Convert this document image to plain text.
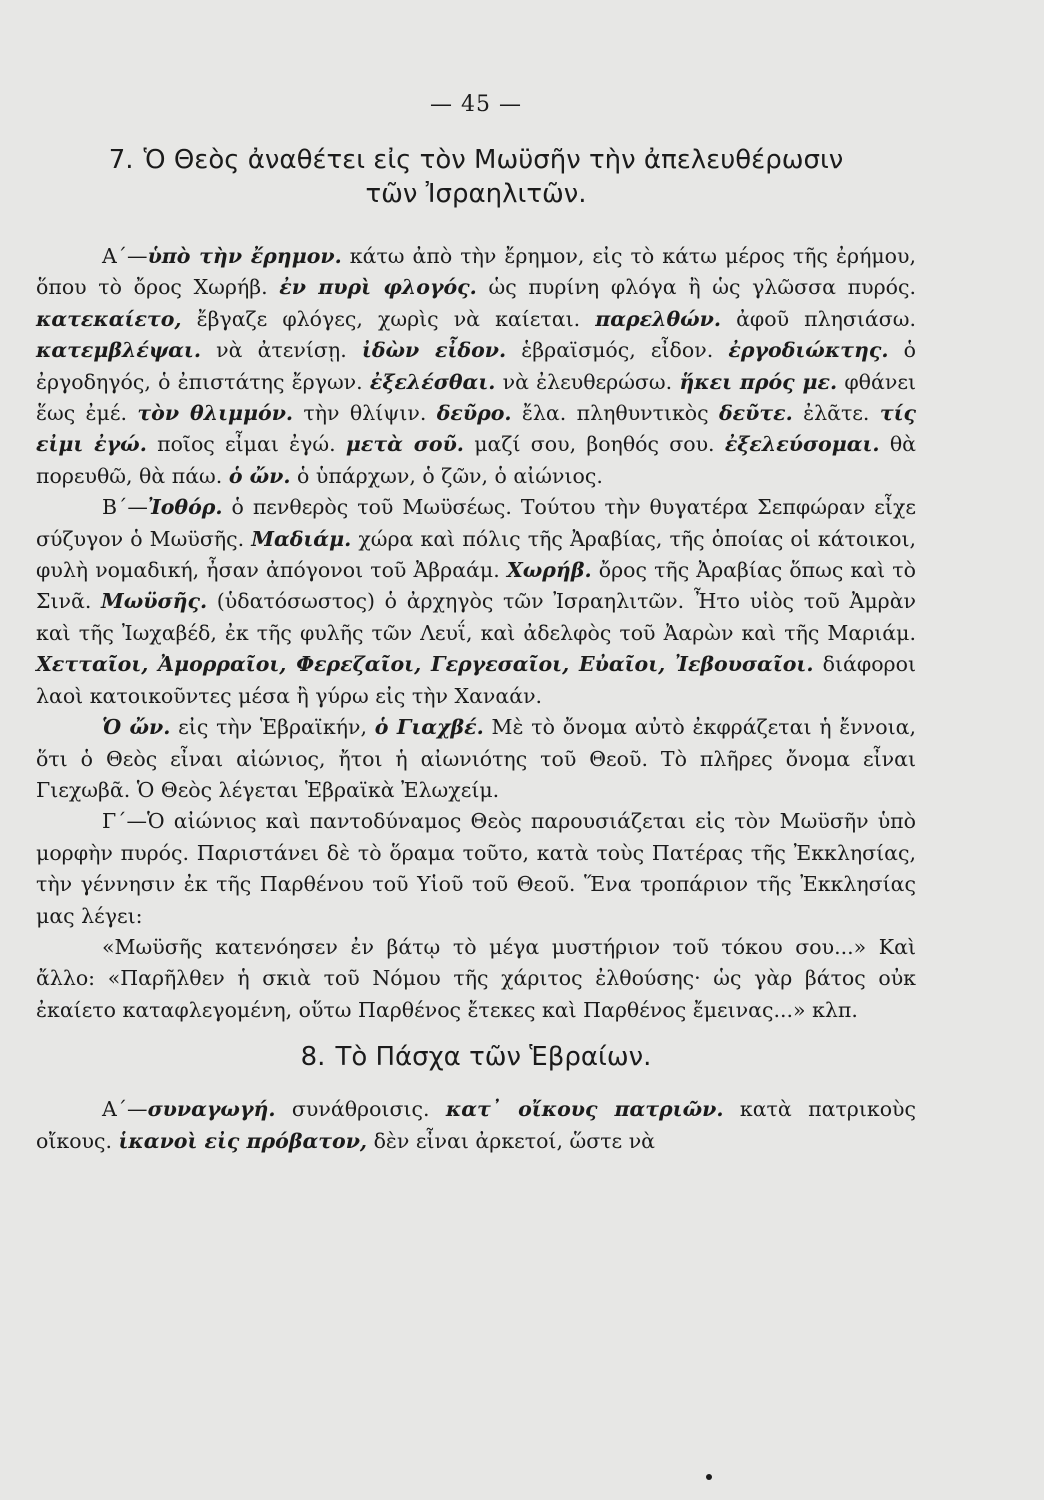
— 45 —
7. Ὁ Θεὸς ἀναθέτει εἰς τὸν Μωϋσῆν τὴν ἀπελευθέρωσιν
τῶν Ἰσραηλιτῶν.

Α΄—ὑπὸ τὴν ἔρημον. κάτω ἀπὸ τὴν ἔρημον, εἰς τὸ κάτω μέρος τῆς ἐρήμου, ὅπου τὸ ὄρος Χωρήβ. ἐν πυρὶ φλογός. ὡς πυρίνη φλόγα ἢ ὡς γλῶσσα πυρός. κατεκαίετο, ἔβγαζε φλόγες, χωρὶς νὰ καίεται. παρελθών. ἀφοῦ πλησιάσω. κατεμβλέψαι. νὰ ἀτενίσῃ. ἰδὼν εἶδον. ἑβραϊσμός, εἶδον. ἐργοδιώκτης. ὁ ἐργοδηγός, ὁ ἐπιστάτης ἔργων. ἐξελέσθαι. νὰ ἐλευθερώσω. ἥκει πρός με. φθάνει ἕως ἐμέ. τὸν θλιμμόν. τὴν θλίψιν. δεῦρο. ἔλα. πληθυντικὸς δεῦτε. ἐλᾶτε. τίς εἰμι ἐγώ. ποῖος εἶμαι ἐγώ. μετὰ σοῦ. μαζί σου, βοηθός σου. ἐξελεύσομαι. θὰ πορευθῶ, θὰ πάω. ὁ ὤν. ὁ ὑπάρχων, ὁ ζῶν, ὁ αἰώνιος.

Β΄—Ἰοθόρ. ὁ πενθερὸς τοῦ Μωϋσέως. Τούτου τὴν θυγατέρα Σεπφώραν εἶχε σύζυγον ὁ Μωϋσῆς. Μαδιάμ. χώρα καὶ πόλις τῆς Ἀραβίας, τῆς ὁποίας οἱ κάτοικοι, φυλὴ νομαδική, ἦσαν ἀπόγονοι τοῦ Ἀβραάμ. Χωρήβ. ὄρος τῆς Ἀραβίας ὅπως καὶ τὸ Σινᾶ. Μωϋσῆς. (ὑδατόσωστος) ὁ ἀρχηγὸς τῶν Ἰσραηλιτῶν. Ἦτο υἱὸς τοῦ Ἀμρὰν καὶ τῆς Ἰωχαβέδ, ἐκ τῆς φυλῆς τῶν Λευΐ, καὶ ἀδελφὸς τοῦ Ἀαρὼν καὶ τῆς Μαριάμ. Χετταῖοι, Ἀμορραῖοι, Φερεζαῖοι, Γεργεσαῖοι, Εὐαῖοι, Ἰεβουσαῖοι. διάφοροι λαοὶ κατοικοῦντες μέσα ἢ γύρω εἰς τὴν Χαναάν.

Ὁ ὤν. εἰς τὴν Ἑβραϊκήν, ὁ Γιαχβέ. Μὲ τὸ ὄνομα αὐτὸ ἐκφράζεται ἡ ἔννοια, ὅτι ὁ Θεὸς εἶναι αἰώνιος, ἤτοι ἡ αἰωνιότης τοῦ Θεοῦ. Τὸ πλῆρες ὄνομα εἶναι Γιεχωβᾶ. Ὁ Θεὸς λέγεται Ἑβραϊκὰ Ἐλωχείμ.

Γ΄—Ὁ αἰώνιος καὶ παντοδύναμος Θεὸς παρουσιάζεται εἰς τὸν Μωϋσῆν ὑπὸ μορφὴν πυρός. Παριστάνει δὲ τὸ ὅραμα τοῦτο, κατὰ τοὺς Πατέρας τῆς Ἐκκλησίας, τὴν γέννησιν ἐκ τῆς Παρθένου τοῦ Υἱοῦ τοῦ Θεοῦ. Ἕνα τροπάριον τῆς Ἐκκλησίας μας λέγει:

«Μωϋσῆς κατενόησεν ἐν βάτῳ τὸ μέγα μυστήριον τοῦ τόκου σου...» Καὶ ἄλλο: «Παρῆλθεν ἡ σκιὰ τοῦ Νόμου τῆς χάριτος ἐλθούσης· ὡς γὰρ βάτος οὐκ ἐκαίετο καταφλεγομένη, οὕτω Παρθένος ἔτεκες καὶ Παρθένος ἔμεινας...» κλπ.

8. Τὸ Πάσχα τῶν Ἑβραίων.

Α΄—συναγωγή. συνάθροισις. κατ᾿ οἴκους πατριῶν. κατὰ πατρικοὺς οἴκους. ἱκανοὶ εἰς πρόβατον, δὲν εἶναι ἀρκετοί, ὥστε νὰ
